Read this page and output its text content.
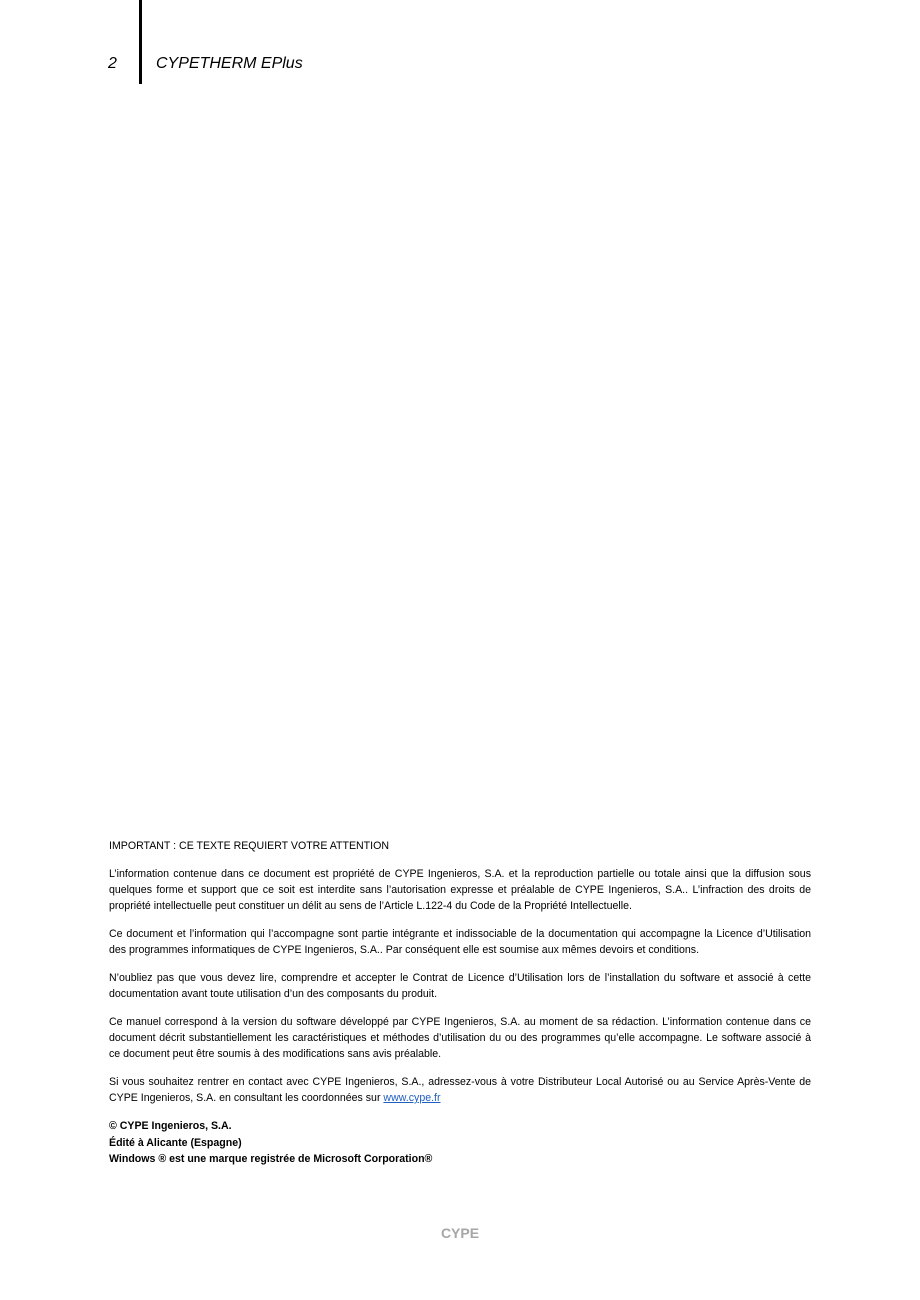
2 CYPETHERM EPlus

IMPORTANT : CE TEXTE REQUIERT VOTRE ATTENTION

L’information contenue dans ce document est propriété de CYPE Ingenieros, S.A. et la reproduction partielle ou totale ainsi que la diffusion sous quelques forme et support que ce soit est interdite sans l’autorisation expresse et préalable de CYPE Ingenieros, S.A.. L’infraction des droits de propriété intellectuelle peut constituer un délit au sens de l’Article L.122-4 du Code de la Propriété Intellectuelle.

Ce document et l’information qui l’accompagne sont partie intégrante et indissociable de la documentation qui accompagne la Licence d’Utilisation des programmes informatiques de CYPE Ingenieros, S.A.. Par conséquent elle est soumise aux mêmes devoirs et conditions.

N’oubliez pas que vous devez lire, comprendre et accepter le Contrat de Licence d’Utilisation lors de l’installation du software et associé à cette documentation avant toute utilisation d’un des composants du produit.

Ce manuel correspond à la version du software développé par CYPE Ingenieros, S.A. au moment de sa rédaction. L’information contenue dans ce document décrit substantiellement les caractéristiques et méthodes d’utilisation du ou des programmes qu’elle accompagne. Le software associé à ce document peut être soumis à des modifications sans avis préalable.

Si vous souhaitez rentrer en contact avec CYPE Ingenieros, S.A., adressez-vous à votre Distributeur Local Autorisé ou au Service Après-Vente de CYPE Ingenieros, S.A. en consultant les coordonnées sur www.cype.fr

© CYPE Ingenieros, S.A.
Édité à Alicante (Espagne)
Windows ® est une marque registrée de Microsoft Corporation®
CYPE
